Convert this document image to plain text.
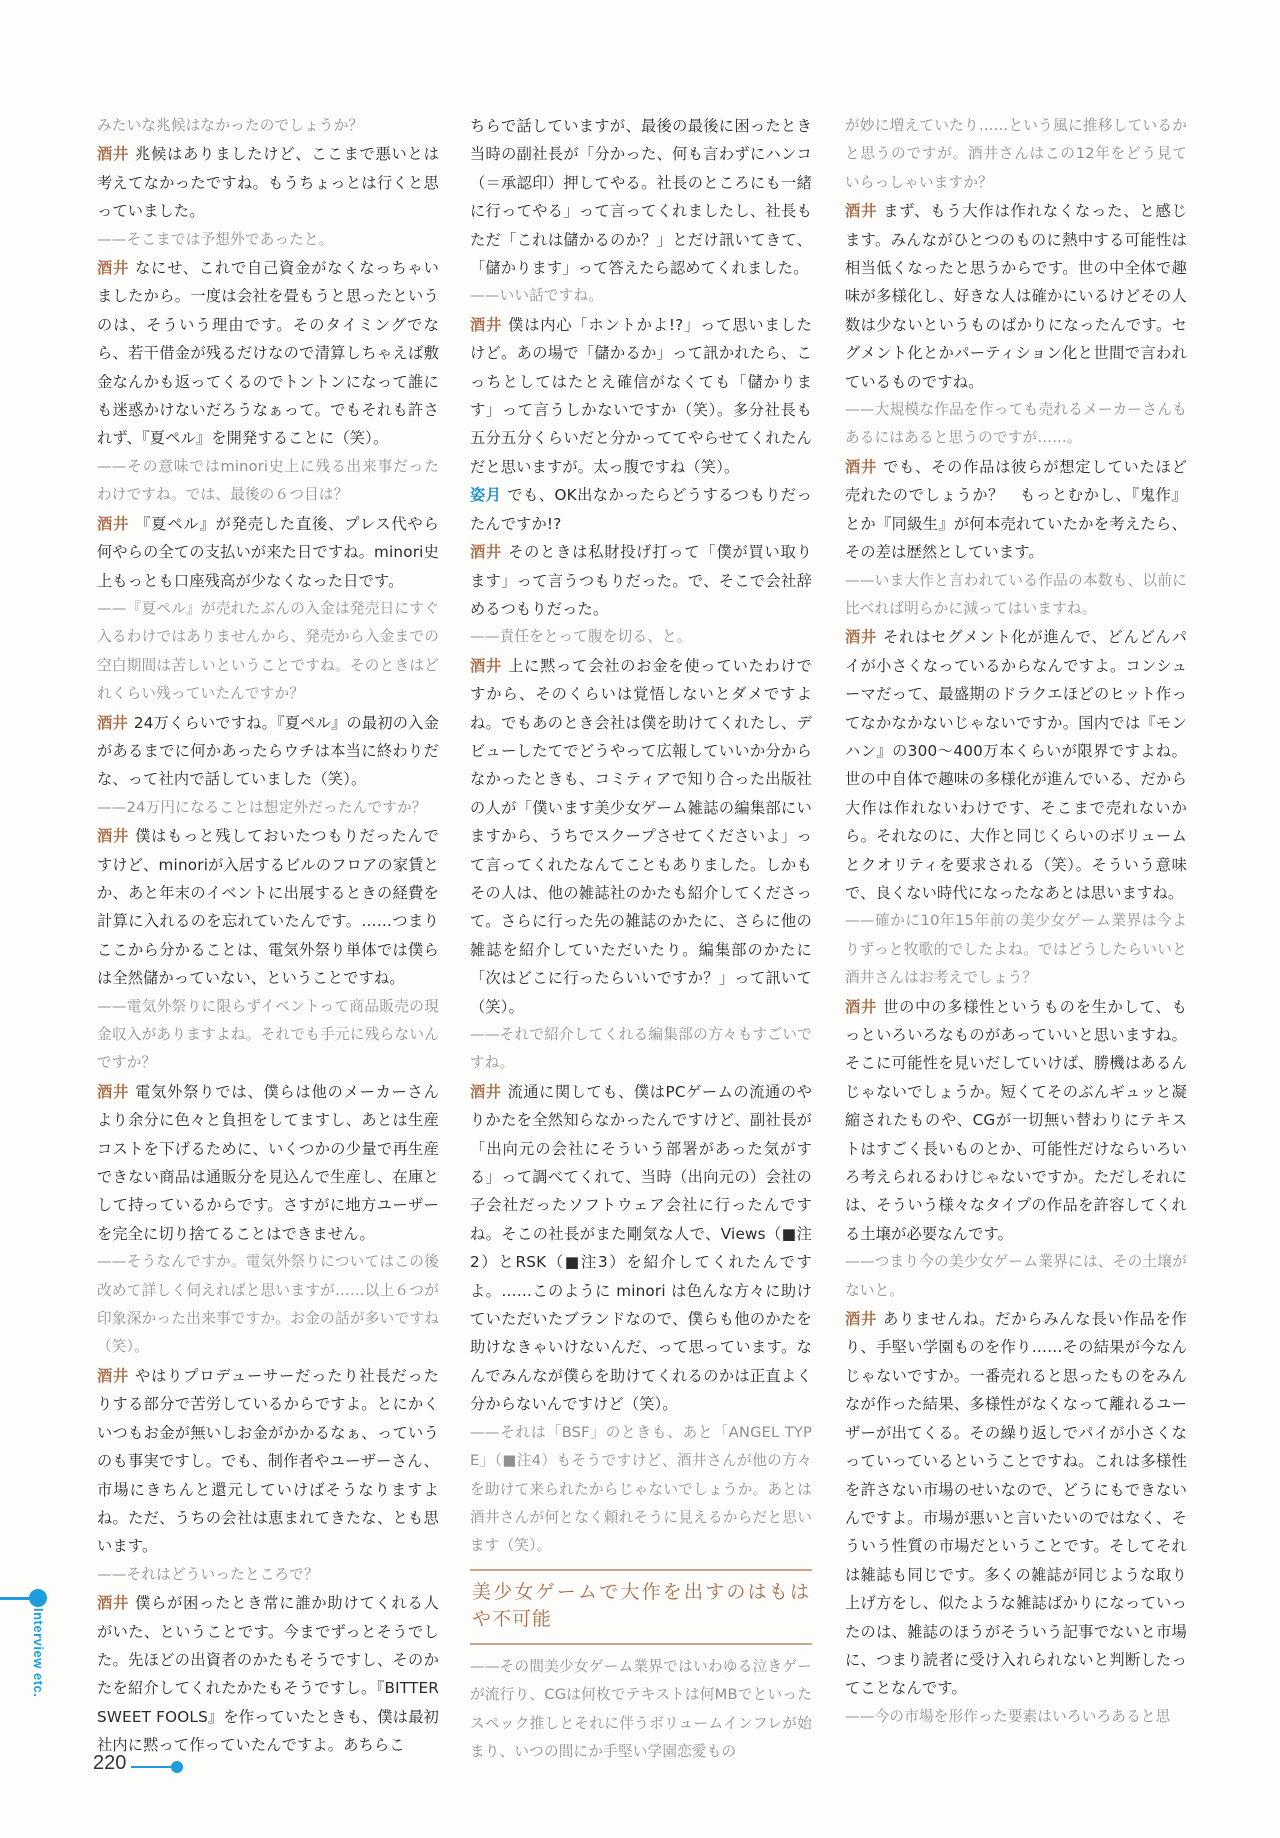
みたいな兆候はなかったのでしょうか？

酒井 兆候はありましたけど、ここまで悪いとは考えてなかったですね。もうちょっとは行くと思っていました。

——そこまでは予想外であったと。

酒井 なにせ、これで自己資金がなくなっちゃいましたから。一度は会社を畳もうと思ったというのは、そういう理由です。そのタイミングでなら、若干借金が残るだけなので清算しちゃえば敷金なんかも返ってくるのでトントンになって誰にも迷惑かけないだろうなぁって。でもそれも許されず、『夏ペル』を開発することに（笑）。

——その意味ではminori史上に残る出来事だったわけですね。では、最後の６つ目は？

酒井 『夏ペル』が発売した直後、プレス代やら何やらの全ての支払いが来た日ですね。minori史上もっとも口座残高が少なくなった日です。

——『夏ペル』が売れたぶんの入金は発売日にすぐ入るわけではありませんから、発売から入金までの空白期間は苦しいということですね。そのときはどれくらい残っていたんですか？

酒井 24万くらいですね。『夏ペル』の最初の入金があるまでに何かあったらウチは本当に終わりだな、って社内で話していました（笑）。

——24万円になることは想定外だったんですか？

酒井 僕はもっと残しておいたつもりだったんですけど、minoriが入居するビルのフロアの家賃とか、あと年末のイベントに出展するときの経費を計算に入れるのを忘れていたんです。……つまりここから分かることは、電気外祭り単体では僕らは全然儲かっていない、ということですね。

——電気外祭りに限らずイベントって商品販売の現金収入がありますよね。それでも手元に残らないんですか？

酒井 電気外祭りでは、僕らは他のメーカーさんより余分に色々と負担をしてますし、あとは生産コストを下げるために、いくつかの少量で再生産できない商品は通販分を見込んで生産し、在庫として持っているからです。さすがに地方ユーザーを完全に切り捨てることはできません。

——そうなんですか。電気外祭りについてはこの後改めて詳しく伺えればと思いますが……以上６つが印象深かった出来事ですか。お金の話が多いですね（笑）。

酒井 やはりプロデューサーだったり社長だったりする部分で苦労しているからですよ。とにかくいつもお金が無いしお金がかかるなぁ、っていうのも事実ですし。でも、制作者やユーザーさん、市場にきちんと還元していけばそうなりますよね。ただ、うちの会社は恵まれてきたな、とも思います。

——それはどういったところで？

酒井 僕らが困ったとき常に誰か助けてくれる人がいた、ということです。今までずっとそうでした。先ほどの出資者のかたもそうですし、そのかたを紹介してくれたかたもそうですし。『BITTERSWEET FOOLS』を作っていたときも、僕は最初社内に黙って作っていたんですよ。あちらこ

ちらで話していますが、最後の最後に困ったとき当時の副社長が「分かった、何も言わずにハンコ（＝承認印）押してやる。社長のところにも一緒に行ってやる」って言ってくれましたし、社長もただ「これは儲かるのか？」とだけ訊いてきて、「儲かります」って答えたら認めてくれました。

——いい話ですね。

酒井 僕は内心「ホントかよ!?」って思いましたけど。あの場で「儲かるか」って訊かれたら、こっちとしてはたとえ確信がなくても「儲かります」って言うしかないですか（笑）。多分社長も五分五分くらいだと分かっててやらせてくれたんだと思いますが。太っ腹ですね（笑）。

姿月 でも、OK出なかったらどうするつもりだったんですか!?

酒井 そのときは私財投げ打って「僕が買い取ります」って言うつもりだった。で、そこで会社辞めるつもりだった。

——責任をとって腹を切る、と。

酒井 上に黙って会社のお金を使っていたわけですから、そのくらいは覚悟しないとダメですよね。でもあのとき会社は僕を助けてくれたし、デビューしたてでどうやって広報していいか分からなかったときも、コミティアで知り合った出版社の人が「僕います美少女ゲーム雑誌の編集部にいますから、うちでスクープさせてくださいよ」って言ってくれたなんてこともありました。しかもその人は、他の雑誌社のかたも紹介してくださって。さらに行った先の雑誌のかたに、さらに他の雑誌を紹介していただいたり。編集部のかたに「次はどこに行ったらいいですか？」って訊いて（笑）。

——それで紹介してくれる編集部の方々もすごいですね。

酒井 流通に関しても、僕はPCゲームの流通のやりかたを全然知らなかったんですけど、副社長が「出向元の会社にそういう部署があった気がする」って調べてくれて、当時（出向元の）会社の子会社だったソフトウェア会社に行ったんですね。そこの社長がまた剛気な人で、Views（■注2）とRSK（■注3）を紹介してくれたんですよ。……このように minori は色んな方々に助けていただいたブランドなので、僕らも他のかたを助けなきゃいけないんだ、って思っています。なんでみんなが僕らを助けてくれるのかは正直よく分からないんですけど（笑）。

——それは「BSF」のときも、あと「ANGEL TYPE」（■注4）もそうですけど、酒井さんが他の方々を助けて来られたからじゃないでしょうか。あとは酒井さんが何となく頼れそうに見えるからだと思います（笑）。

美少女ゲームで大作を出すのはもはや不可能

——その間美少女ゲーム業界ではいわゆる泣きゲーが流行り、CGは何枚でテキストは何MBでといったスペック推しとそれに伴うボリュームインフレが始まり、いつの間にか手堅い学園恋愛もの

が妙に増えていたり……という風に推移しているかと思うのですが。酒井さんはこの12年をどう見ていらっしゃいますか？

酒井 まず、もう大作は作れなくなった、と感じます。みんながひとつのものに熱中する可能性は相当低くなったと思うからです。世の中全体で趣味が多様化し、好きな人は確かにいるけどその人数は少ないというものばかりになったんです。セグメント化とかパーティション化と世間で言われているものですね。

——大規模な作品を作っても売れるメーカーさんもあるにはあると思うのですが……。

酒井 でも、その作品は彼らが想定していたほど売れたのでしょうか？　もっとむかし、『鬼作』とか『同級生』が何本売れていたかを考えたら、その差は歴然としています。

——いま大作と言われている作品の本数も、以前に比べれば明らかに減ってはいますね。

酒井 それはセグメント化が進んで、どんどんパイが小さくなっているからなんですよ。コンシューマだって、最盛期のドラクエほどのヒット作ってなかなかないじゃないですか。国内では『モンハン』の300〜400万本くらいが限界ですよね。世の中自体で趣味の多様化が進んでいる、だから大作は作れないわけです、そこまで売れないから。それなのに、大作と同じくらいのボリュームとクオリティを要求される（笑）。そういう意味で、良くない時代になったなあとは思いますね。

——確かに10年15年前の美少女ゲーム業界は今よりずっと牧歌的でしたよね。ではどうしたらいいと酒井さんはお考えでしょう？

酒井 世の中の多様性というものを生かして、もっといろいろなものがあっていいと思いますね。そこに可能性を見いだしていけば、勝機はあるんじゃないでしょうか。短くてそのぶんギュッと凝縮されたものや、CGが一切無い替わりにテキストはすごく長いものとか、可能性だけならいろいろ考えられるわけじゃないですか。ただしそれには、そういう様々なタイプの作品を許容してくれる土壌が必要なんです。

——つまり今の美少女ゲーム業界には、その土壌がないと。

酒井 ありませんね。だからみんな長い作品を作り、手堅い学園ものを作り……その結果が今なんじゃないですか。一番売れると思ったものをみんなが作った結果、多様性がなくなって離れるユーザーが出てくる。その繰り返しでパイが小さくなっていっているということですね。これは多様性を許さない市場のせいなので、どうにもできないんですよ。市場が悪いと言いたいのではなく、そういう性質の市場だということです。そしてそれは雑誌も同じです。多くの雑誌が同じような取り上げ方をし、似たような雑誌ばかりになっていったのは、雑誌のほうがそういう記事でないと市場に、つまり読者に受け入れられないと判断したってことなんです。

——今の市場を形作った要素はいろいろあると思

Interview etc.
220
